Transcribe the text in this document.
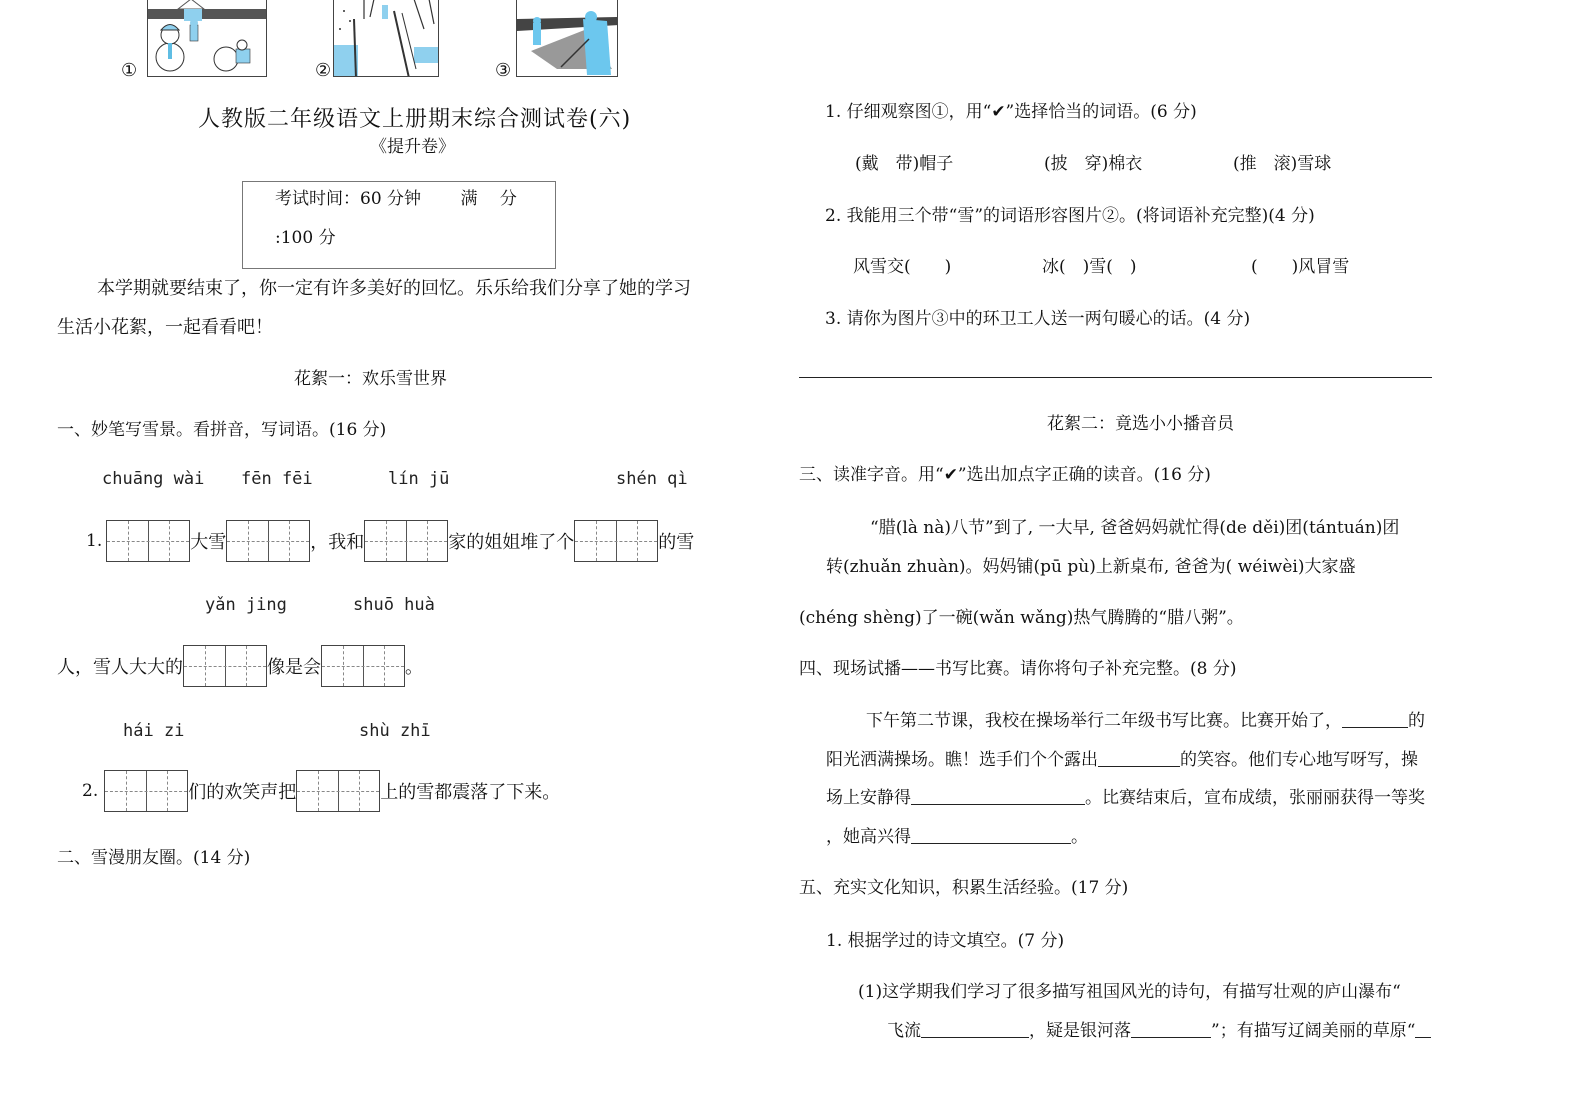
①	②	③
人教版二年级语文上册期末综合测试卷(六)
《提升卷》
考试时间：60 分钟　　 满　 分
:100 分
本学期就要结束了，你一定有许多美好的回忆。乐乐给我们分享了她的学习
生活小花絮，一起看看吧！
花絮一：欢乐雪世界
一、妙笔写雪景。看拼音，写词语。(16 分)
chuāng wài fēn fēi	lín jū	shén qì
1.	大雪	，我和	家的姐姐堆了个	的雪
yǎn jing	shuō huà
人，雪人大大的	像是会	。
hái zi	shù zhī
2.	们的欢笑声把	上的雪都震落了下来。
二、雪漫朋友圈。(14 分)
1. 仔细观察图①，用“✔”选择恰当的词语。(6 分)
(戴　带)帽子	(披　穿)棉衣	(推　滚)雪球
2. 我能用三个带“雪”的词语形容图片②。(将词语补充完整)(4 分)
风雪交(　　)	冰(　)雪(　)	(　　)风冒雪
3. 请你为图片③中的环卫工人送一两句暖心的话。(4 分)
花絮二：竟选小小播音员
三、读准字音。用“✔”选出加点字正确的读音。(16 分)
“腊(là nà)八节”到了, 一大早, 爸爸妈妈就忙得(de děi)团(tántuán)团
转(zhuǎn zhuàn)。妈妈铺(pū pù)上新桌布, 爸爸为( wéiwèi)大家盛
(chéng shèng)了一碗(wǎn wǎng)热气腾腾的“腊八粥”。
四、现场试播——书写比赛。请你将句子补充完整。(8 分)
下午第二节课，我校在操场举行二年级书写比赛。比赛开始了，	的
阳光洒满操场。瞧！选手们个个露出	的笑容。他们专心地写呀写，操
场上安静得	。比赛结束后，宣布成绩，张丽丽获得一等奖
，她高兴得	。
五、充实文化知识，积累生活经验。(17 分)
1. 根据学过的诗文填空。(7 分)
(1)这学期我们学习了很多描写祖国风光的诗句，有描写壮观的庐山瀑布“
飞流	，疑是银河落	”；有描写辽阔美丽的草原“
